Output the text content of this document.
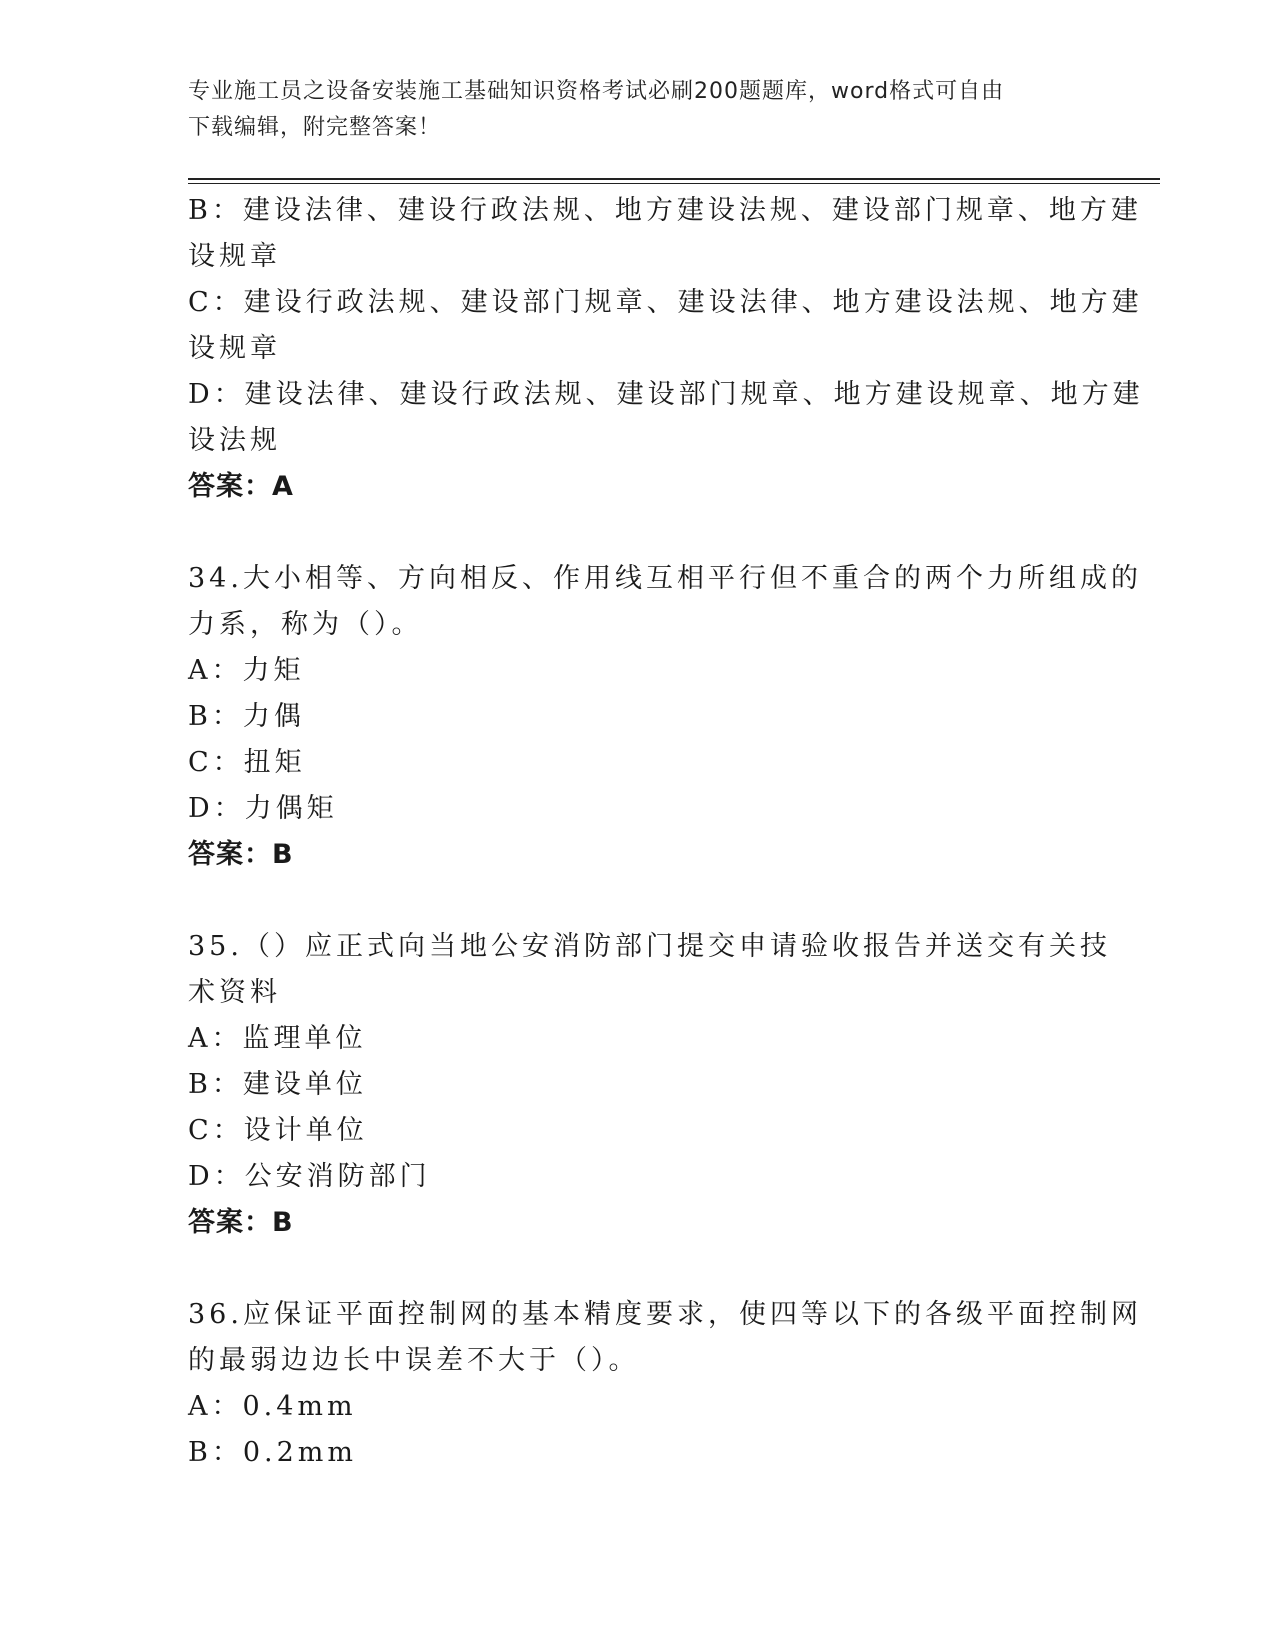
专业施工员之设备安装施工基础知识资格考试必刷200题题库，word格式可自由
下载编辑，附完整答案！
B：建设法律、建设行政法规、地方建设法规、建设部门规章、地方建
设规章
C：建设行政法规、建设部门规章、建设法律、地方建设法规、地方建
设规章
D：建设法律、建设行政法规、建设部门规章、地方建设规章、地方建
设法规
答案：A
34.大小相等、方向相反、作用线互相平行但不重合的两个力所组成的
力系，称为（）。
A：力矩
B：力偶
C：扭矩
D：力偶矩
答案：B
35.（）应正式向当地公安消防部门提交申请验收报告并送交有关技
术资料
A：监理单位
B：建设单位
C：设计单位
D：公安消防部门
答案：B
36.应保证平面控制网的基本精度要求，使四等以下的各级平面控制网
的最弱边边长中误差不大于（）。
A：0.4mm
B：0.2mm
